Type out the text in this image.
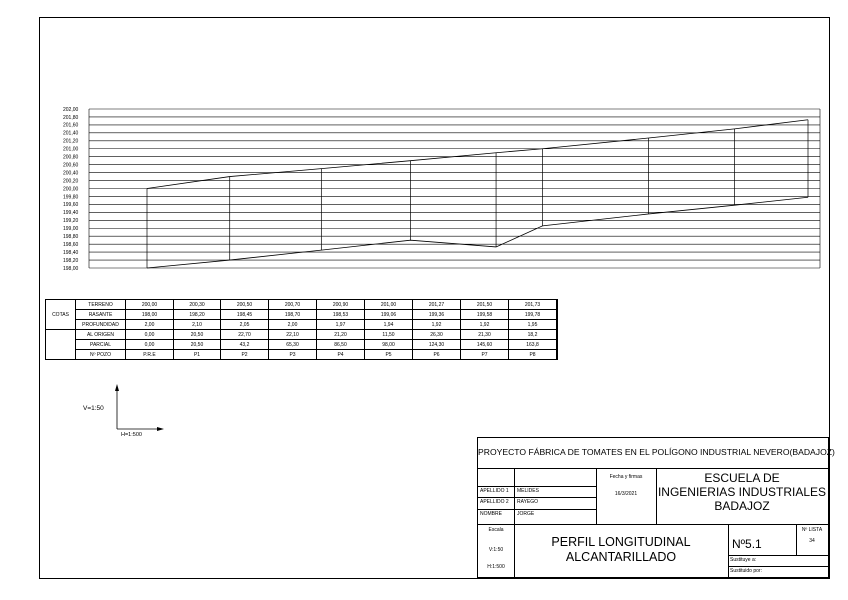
202,00
201,80
201,60
201,40
201,20
201,00
200,80
200,60
200,40
200,20
200,00
199,80
199,60
199,40
199,20
199,00
198,80
198,60
198,40
198,20
198,00
V=1:50
H=1:500
COTAS	TERRENO	200,00	200,30	200,50	200,70	200,90	201,00	201,27	201,50	201,73	
	RASANTE	198,00	198,20	198,45	198,70	198,53	199,06	199,36	199,58	199,78	
	PROFUNDIDAD	2,00	2,10	2,05	2,00	1,97	1,94	1,92	1,92	1,95	
	AL ORIGEN	0,00	20,50	22,70	22,10	21,20	11,50	26,30	21,30	18,2	
	PARCIAL	0,00	20,50	43,2	65,30	86,50	98,00	124,30	145,60	163,8	
	Nº POZO	P.R.E	P1	P2	P3	P4	P5	P6	P7	P8	
PROYECTO FÁBRICA DE TOMATES EN EL POLÍGONO INDUSTRIAL NEVERO(BADAJOZ)
APELLIDO 1 MELIDES
APELLIDO 2 RAYEGO
NOMBRE	JORGE
Fecha y firmas
16/3/2021
ESCUELA DE
INGENIERIAS INDUSTRIALES
BADAJOZ
Escala
V:1:50
H:1:500
PERFIL LONGITUDINAL
ALCANTARILLADO
Nº5.1
Nº LISTA
34
Sustituye a:
Sustituido por:
